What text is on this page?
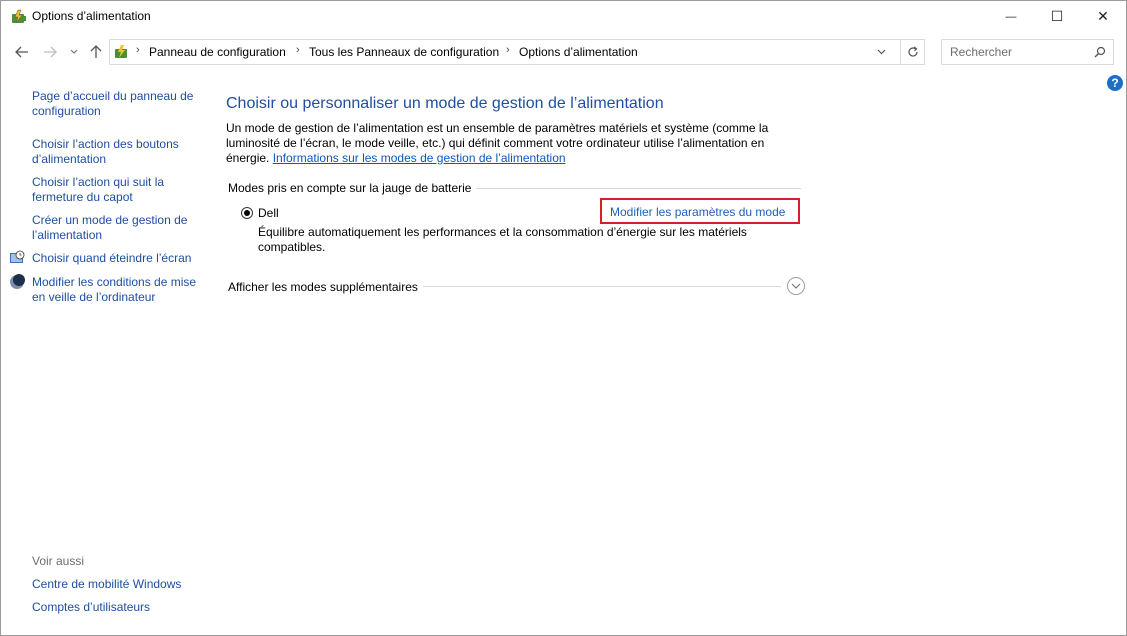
Options d’alimentation	— ☐ ✕
› Panneau de configuration › Tous les Panneaux de configuration › Options d’alimentation	Rechercher
?
Page d’accueil du panneau de configuration
Choisir l’action des boutons d’alimentation
Choisir l’action qui suit la fermeture du capot
Créer un mode de gestion de l’alimentation
Choisir quand éteindre l’écran
Modifier les conditions de mise en veille de l’ordinateur
Voir aussi
Centre de mobilité Windows
Comptes d’utilisateurs
Choisir ou personnaliser un mode de gestion de l’alimentation
Un mode de gestion de l’alimentation est un ensemble de paramètres matériels et système (comme la luminosité de l’écran, le mode veille, etc.) qui définit comment votre ordinateur utilise l’alimentation en énergie. Informations sur les modes de gestion de l’alimentation
Modes pris en compte sur la jauge de batterie
Dell
Équilibre automatiquement les performances et la consommation d’énergie sur les matériels compatibles.
Modifier les paramètres du mode
Afficher les modes supplémentaires
